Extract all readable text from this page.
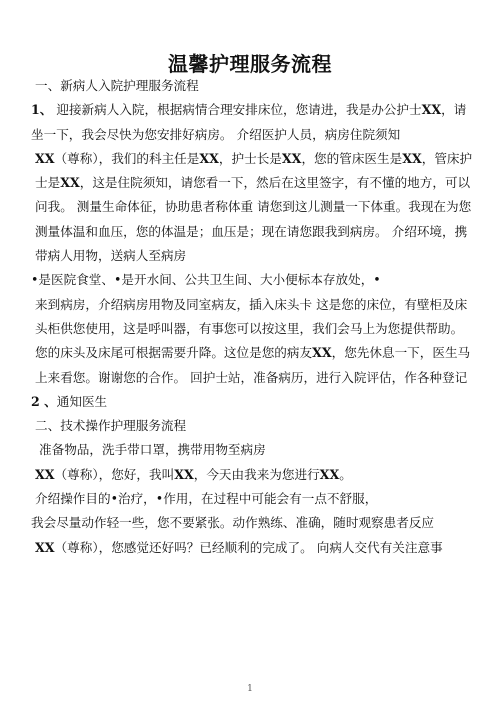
温馨护理服务流程

一、新病人入院护理服务流程

1、 迎接新病人入院，根据病情合理安排床位，您请进，我是办公护士XX，请坐一下，我会尽快为您安排好病房。 介绍医护人员，病房住院须知

XX（尊称），我们的科主任是XX，护士长是XX，您的管床医生是XX，管床护士是XX，这是住院须知，请您看一下，然后在这里签字，有不懂的地方，可以问我。 测量生命体征，协助患者称体重 请您到这儿测量一下体重。我现在为您测量体温和血压，您的体温是；血压是；现在请您跟我到病房。 介绍环境，携带病人用物，送病人至病房

•是医院食堂、•是开水间、公共卫生间、大小便标本存放处，•

来到病房，介绍病房用物及同室病友，插入床头卡 这是您的床位，有壁柜及床头柜供您使用，这是呼叫器，有事您可以按这里，我们会马上为您提供帮助。您的床头及床尾可根据需要升降。这位是您的病友XX，您先休息一下，医生马上来看您。谢谢您的合作。 回护士站，准备病历，进行入院评估，作各种登记

2 、通知医生

二、技术操作护理服务流程

准备物品，洗手带口罩，携带用物至病房

XX（尊称），您好，我叫XX，今天由我来为您进行XX。

介绍操作目的•治疗，•作用，在过程中可能会有一点不舒服，

我会尽量动作轻一些，您不要紧张。动作熟练、准确，随时观察患者反应

XX（尊称），您感觉还好吗？已经顺利的完成了。 向病人交代有关注意事

1
